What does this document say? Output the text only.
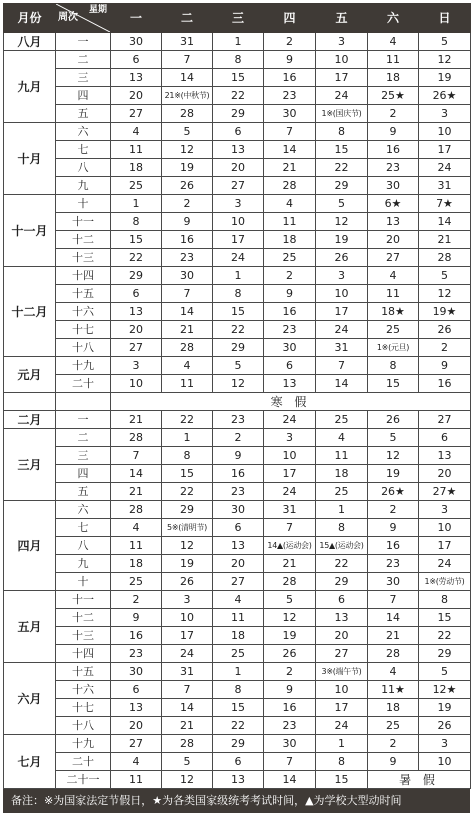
月份	星期
周次	一	二	三	四	五	六	日
八月	一	30	31	1	2	3	4	5
九月	二	6	7	8	9	10	11	12
	三	13	14	15	16	17	18	19
	四	20	21※(中秋节)	22	23	24	25★	26★
	五	27	28	29	30	1※(国庆节)	2	3
十月	六	4	5	6	7	8	9	10
	七	11	12	13	14	15	16	17
	八	18	19	20	21	22	23	24
	九	25	26	27	28	29	30	31
十一月	十	1	2	3	4	5	6★	7★
	十一	8	9	10	11	12	13	14
	十二	15	16	17	18	19	20	21
	十三	22	23	24	25	26	27	28
十二月	十四	29	30	1	2	3	4	5
	十五	6	7	8	9	10	11	12
	十六	13	14	15	16	17	18★	19★
	十七	20	21	22	23	24	25	26
	十八	27	28	29	30	31	1※(元旦)	2
元月	十九	3	4	5	6	7	8	9
	二十	10	11	12	13	14	15	16
		寒 假						
二月	一	21	22	23	24	25	26	27
三月	二	28	1	2	3	4	5	6
	三	7	8	9	10	11	12	13
	四	14	15	16	17	18	19	20
	五	21	22	23	24	25	26★	27★
四月	六	28	29	30	31	1	2	3
	七	4	5※(清明节)	6	7	8	9	10
	八	11	12	13	14▲(运动会)	15▲(运动会)	16	17
	九	18	19	20	21	22	23	24
	十	25	26	27	28	29	30	1※(劳动节)
五月	十一	2	3	4	5	6	7	8
	十二	9	10	11	12	13	14	15
	十三	16	17	18	19	20	21	22
	十四	23	24	25	26	27	28	29
六月	十五	30	31	1	2	3※(端午节)	4	5
	十六	6	7	8	9	10	11★	12★
	十七	13	14	15	16	17	18	19
	十八	20	21	22	23	24	25	26
七月	十九	27	28	29	30	1	2	3
	二十	4	5	6	7	8	9	10
	二十一	11	12	13	14	15	暑 假	
备注：※为国家法定节假日，★为各类国家级统考考试时间，▲为学校大型动时间
